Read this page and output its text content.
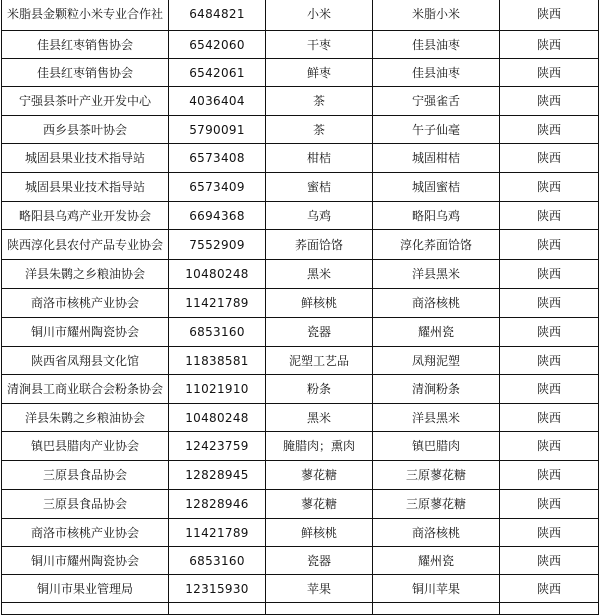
米脂县金颗粒小米专业合作社	6484821	小米	米脂小米	陕西
佳县红枣销售协会	6542060	干枣	佳县油枣	陕西
佳县红枣销售协会	6542061	鲜枣	佳县油枣	陕西
宁强县茶叶产业开发中心	4036404	茶	宁强雀舌	陕西
西乡县茶叶协会	5790091	茶	午子仙毫	陕西
城固县果业技术指导站	6573408	柑桔	城固柑桔	陕西
城固县果业技术指导站	6573409	蜜桔	城固蜜桔	陕西
略阳县乌鸡产业开发协会	6694368	乌鸡	略阳乌鸡	陕西
陕西淳化县农付产品专业协会	7552909	荞面饸饹	淳化荞面饸饹	陕西
洋县朱鹮之乡粮油协会	10480248	黑米	洋县黑米	陕西
商洛市核桃产业协会	11421789	鲜核桃	商洛核桃	陕西
铜川市耀州陶瓷协会	6853160	瓷器	耀州瓷	陕西
陕西省凤翔县文化馆	11838581	泥塑工艺品	凤翔泥塑	陕西
清涧县工商业联合会粉条协会	11021910	粉条	清涧粉条	陕西
洋县朱鹮之乡粮油协会	10480248	黑米	洋县黑米	陕西
镇巴县腊肉产业协会	12423759	腌腊肉；熏肉	镇巴腊肉	陕西
三原县食品协会	12828945	蓼花糖	三原蓼花糖	陕西
三原县食品协会	12828946	蓼花糖	三原蓼花糖	陕西
商洛市核桃产业协会	11421789	鲜核桃	商洛核桃	陕西
铜川市耀州陶瓷协会	6853160	瓷器	耀州瓷	陕西
铜川市果业管理局	12315930	苹果	铜川苹果	陕西
